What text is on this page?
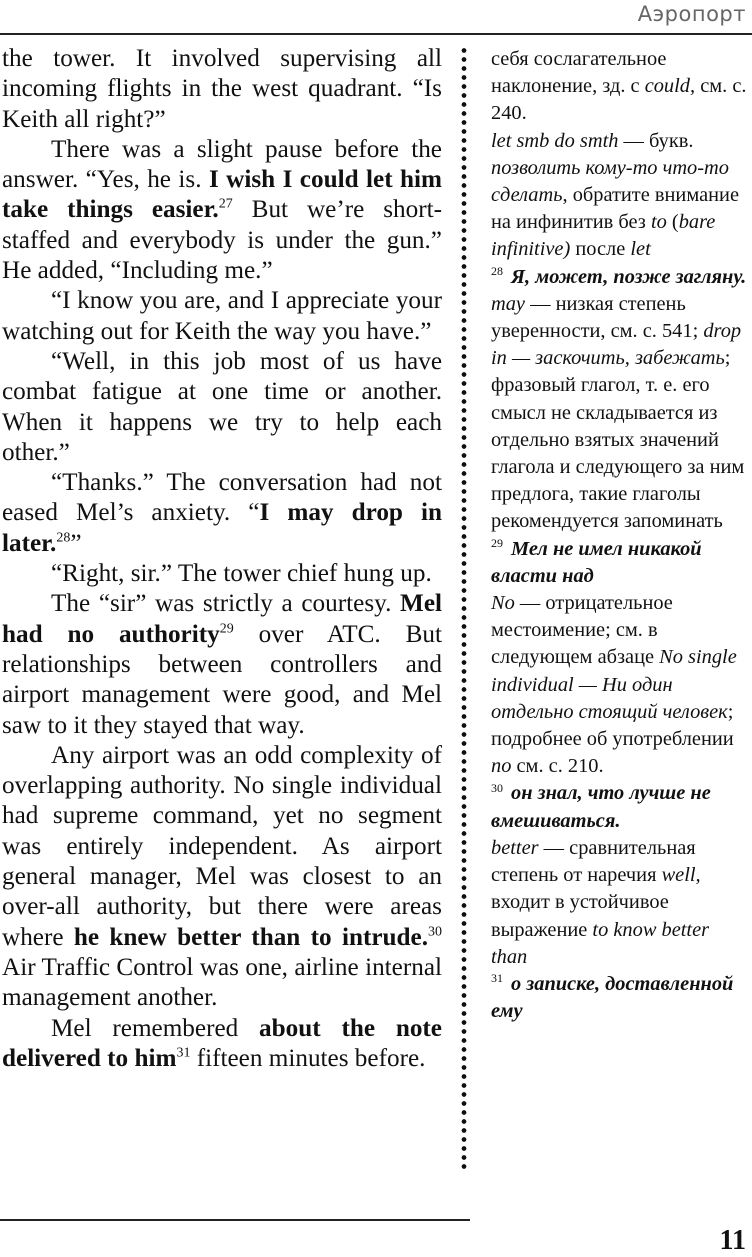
Аэропорт

the tower. It involved supervising all incoming flights in the west quadrant. “Is Keith all right?”

There was a slight pause before the answer. “Yes, he is. I wish I could let him take things easier.$^{27}$ But we’re short-staffed and everybody is under the gun.” He added, “Including me.”

“I know you are, and I appreciate your watching out for Keith the way you have.”

“Well, in this job most of us have combat fatigue at one time or another. When it happens we try to help each other.”

“Thanks.” The conversation had not eased Mel’s anxiety. “I may drop in later.$^{28}$”

“Right, sir.” The tower chief hung up.

The “sir” was strictly a courtesy. Mel had no authority$^{29}$ over ATC. But relationships between controllers and airport management were good, and Mel saw to it they stayed that way.

Any airport was an odd complexity of overlapping authority. No single individual had supreme command, yet no segment was entirely independent. As airport general manager, Mel was closest to an over-all authority, but there were areas where he knew better than to intrude.$^{30}$ Air Traffic Control was one, airline internal management another.

Mel remembered about the note delivered to him$^{31}$ fifteen minutes before.

себя сослагательное наклонение, зд. с could, см. с. 240.

let smb do smth — букв. позволить кому-то что-то сделать, обратите внимание на инфинитив без to (bare infinitive) после let

$^{28}$ Я, может, позже загляну.

may — низкая степень уверенности, см. с. 541; drop in — заскочить, забежать; фразовый глагол, т. е. его смысл не складывается из отдельно взятых значений глагола и следующего за ним предлога, такие глаголы рекомендуется запоминать

$^{29}$ Мел не имел никакой власти над

No — отрицательное местоимение; см. в следующем абзаце No single individual — Ни один отдельно стоящий человек; подробнее об употреблении no см. с. 210.

$^{30}$ он знал, что лучше не вмешиваться.

better — сравнительная степень от наречия well, входит в устойчивое выражение to know better than

$^{31}$ о записке, доставленной ему

11
